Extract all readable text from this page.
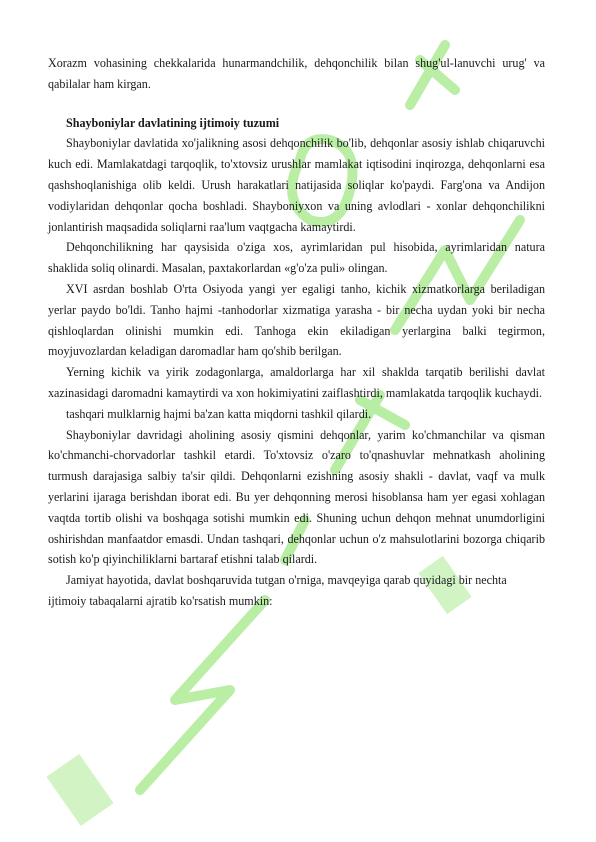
Xorazm vohasining chekkalarida hunarmandchilik, dehqonchilik bilan shug'ul-lanuvchi urug' va qabilalar ham kirgan.

Shayboniylar davlatining ijtimoiy tuzumi

Shayboniylar davlatida xo'jalikning asosi dehqonchilik bo'lib, dehqonlar asosiy ishlab chiqaruvchi kuch edi. Mamlakatdagi tarqoqlik, to'xtovsiz urushlar mamlakat iqtisodini inqirozga, dehqonlarni esa qashshoqlanishiga olib keldi. Urush harakatlari natijasida soliqlar ko'paydi. Farg'ona va Andijon vodiylaridan dehqonlar qocha boshladi. Shayboniyxon va uning avlodlari - xonlar dehqonchilikni jonlantirish maqsadida soliqlarni raa'lum vaqtgacha kamaytirdi.

Dehqonchilikning har qaysisida o'ziga xos, ayrimlaridan pul hisobida, ayrimlaridan natura shaklida soliq olinardi. Masalan, paxtakorlardan «g'o'za puli» olingan.

XVI asrdan boshlab O'rta Osiyoda yangi yer egaligi tanho, kichik xizmatkorlarga beriladigan yerlar paydo bo'ldi. Tanho hajmi -tanhodorlar xizmatiga yarasha - bir necha uydan yoki bir necha qishloqlardan olinishi mumkin edi. Tanhoga ekin ekiladigan yerlargina balki tegirmon, moyjuvozlardan keladigan daromadlar ham qo'shib berilgan.

Yerning kichik va yirik zodagonlarga, amaldorlarga har xil shaklda tarqatib berilishi davlat xazinasidagi daromadni kamaytirdi va xon hokimiyatini zaiflashtirdi, mamlakatda tarqoqlik kuchaydi.

tashqari mulklarnig hajmi ba'zan katta miqdorni tashkil qilardi.

Shayboniylar davridagi aholining asosiy qismini dehqonlar, yarim ko'chmanchilar va qisman ko'chmanchi-chorvadorlar tashkil etardi. To'xtovsiz o'zaro to'qnashuvlar mehnatkash aholining turmush darajasiga salbiy ta'sir qildi. Dehqonlarni ezishning asosiy shakli - davlat, vaqf va mulk yerlarini ijaraga berishdan iborat edi. Bu yer dehqonning merosi hisoblansa ham yer egasi xohlagan vaqtda tortib olishi va boshqaga sotishi mumkin edi. Shuning uchun dehqon mehnat unumdorligini oshirishdan manfaatdor emasdi. Undan tashqari, dehqonlar uchun o'z mahsulotlarini bozorga chiqarib sotish ko'p qiyinchiliklarni bartaraf etishni talab qilardi.

Jamiyat hayotida, davlat boshqaruvida tutgan o'rniga, mavqeyiga qarab quyidagi bir nechta ijtimoiy tabaqalarni ajratib ko'rsatish mumkin:
